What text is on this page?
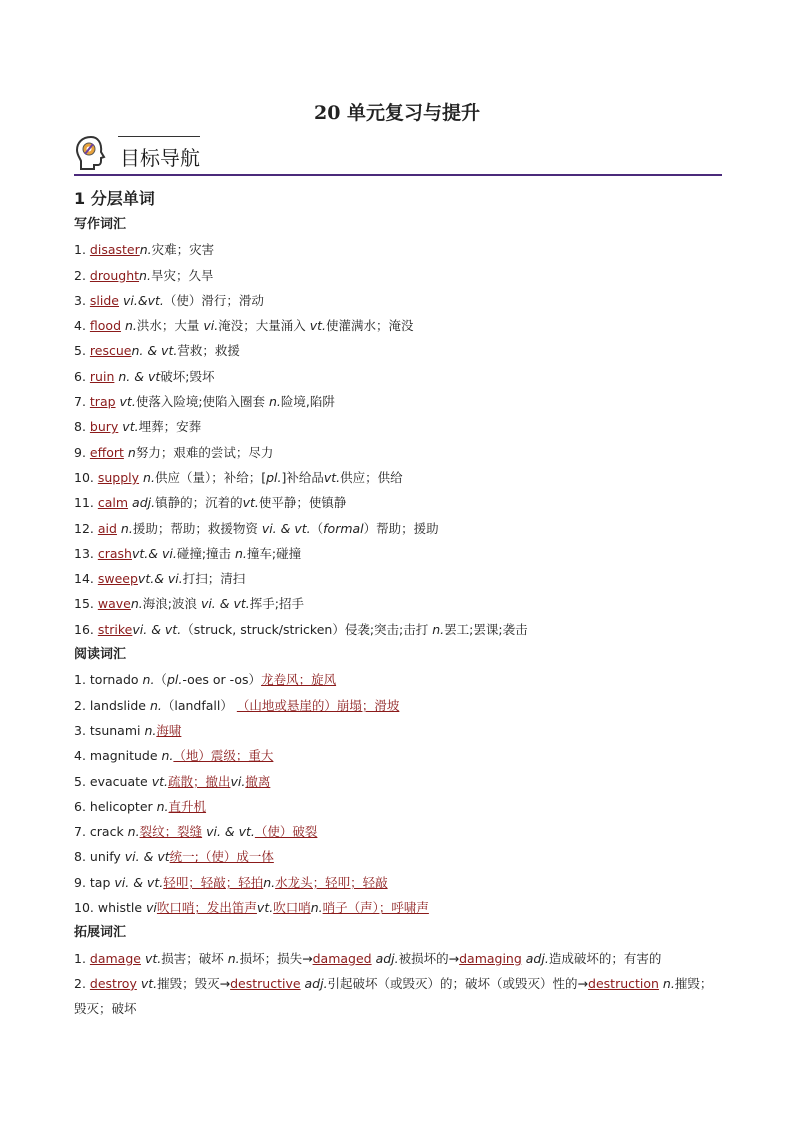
20 单元复习与提升
目标导航
1 分层单词
写作词汇
1. disastern.灾难；灾害
2. droughtn.旱灾；久旱
3. slide vi.&vt.（使）滑行；滑动
4. flood n.洪水；大量 vi.淹没；大量涌入 vt.使灌满水；淹没
5. rescuen. & vt.营救；救援
6. ruin n. & vt破坏;毁坏
7. trap vt.使落入险境;使陷入圈套 n.险境,陷阱
8. bury vt.埋葬；安葬
9. effort n努力；艰难的尝试；尽力
10. supply n.供应（量）；补给；[pl.]补给品vt.供应；供给
11. calm adj.镇静的；沉着的vt.使平静；使镇静
12. aid n.援助；帮助；救援物资 vi. & vt.（formal）帮助；援助
13. crashvt.& vi.碰撞;撞击 n.撞车;碰撞
14. sweepvt.& vi.打扫；清扫
15. waven.海浪;波浪 vi. & vt.挥手;招手
16. strikevi. & vt.（struck, struck/stricken）侵袭;突击;击打 n.罢工;罢课;袭击
阅读词汇
1. tornado n.（pl.-oes or -os）龙卷风；旋风
2. landslide n.（landfall） （山地或悬崖的）崩塌；滑坡
3. tsunami n.海啸
4. magnitude n.（地）震级；重大
5. evacuate vt.疏散；撤出vi.撤离
6. helicopter n.直升机
7. crack n.裂纹；裂缝 vi. & vt.（使）破裂
8. unify vi. & vt统一;（使）成一体
9. tap vi. & vt.轻叩；轻敲；轻拍n.水龙头；轻叩；轻敲
10. whistle vi吹口哨；发出笛声vt.吹口哨n.哨子（声）；呼啸声
拓展词汇
1. damage vt.损害；破坏 n.损坏；损失→damaged adj.被损坏的→damaging adj.造成破坏的；有害的
2. destroy vt.摧毁；毁灭→destructive adj.引起破坏（或毁灭）的；破坏（或毁灭）性的→destruction n.摧毁；毁灭；破坏
